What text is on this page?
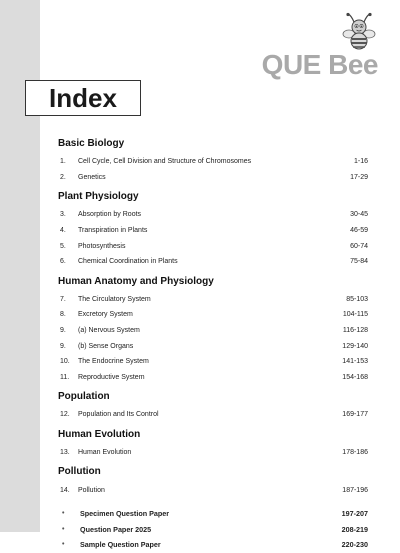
QUE Bee
Index
Basic Biology
1.	Cell Cycle, Cell Division and Structure of Chromosomes	1-16
2.	Genetics	17-29
Plant Physiology
3.	Absorption by Roots	30-45
4.	Transpiration in Plants	46-59
5.	Photosynthesis	60-74
6.	Chemical Coordination in Plants	75-84
Human Anatomy and Physiology
7.	The Circulatory System	85-103
8.	Excretory System	104-115
9.	(a) Nervous System	116-128
9.	(b) Sense Organs	129-140
10.	The Endocrine System	141-153
11.	Reproductive System	154-168
Population
12.	Population and Its Control	169-177
Human Evolution
13.	Human Evolution	178-186
Pollution
14.	Pollution	187-196
•	Specimen Question Paper	197-207
•	Question Paper 2025	208-219
•	Sample Question Paper	220-230
